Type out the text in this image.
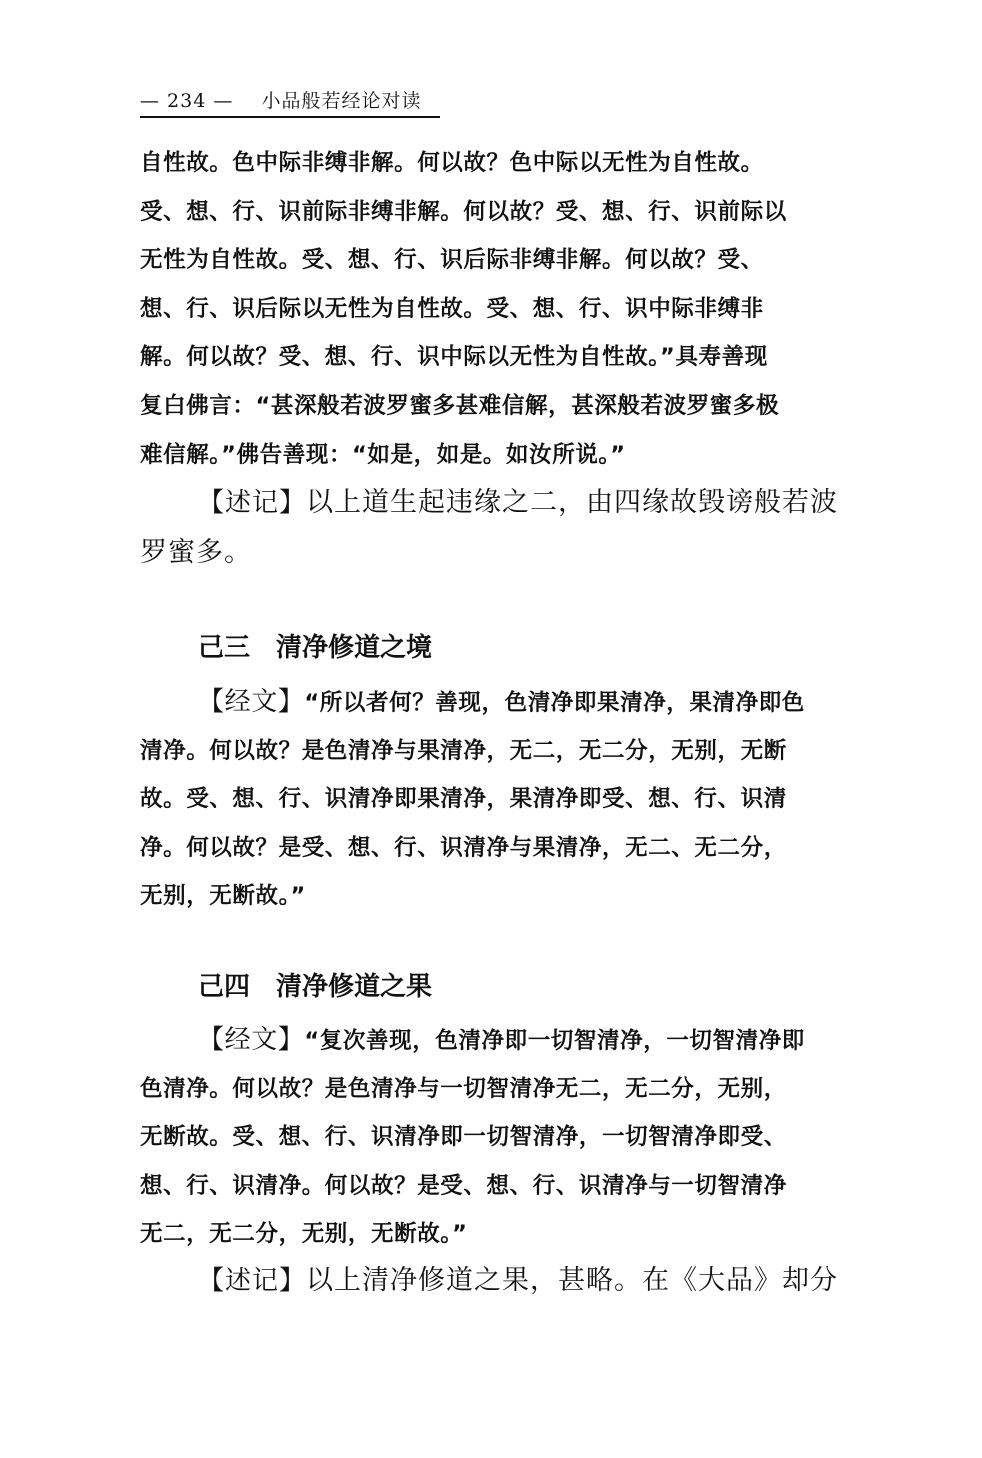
— 234 — 小品般若经论对读
自性故。色中际非缚非解。何以故？色中际以无性为自性故。
受、想、行、识前际非缚非解。何以故？受、想、行、识前际以
无性为自性故。受、想、行、识后际非缚非解。何以故？受、
想、行、识后际以无性为自性故。受、想、行、识中际非缚非
解。何以故？受、想、行、识中际以无性为自性故。”具寿善现
复白佛言：“甚深般若波罗蜜多甚难信解，甚深般若波罗蜜多极
难信解。”佛告善现：“如是，如是。如汝所说。”
【述记】以上道生起违缘之二，由四缘故毁谤般若波
罗蜜多。
己三 清净修道之境
【经文】“所以者何？善现，色清净即果清净，果清净即色
清净。何以故？是色清净与果清净，无二，无二分，无别，无断
故。受、想、行、识清净即果清净，果清净即受、想、行、识清
净。何以故？是受、想、行、识清净与果清净，无二、无二分，
无别，无断故。”
己四 清净修道之果
【经文】“复次善现，色清净即一切智清净，一切智清净即
色清净。何以故？是色清净与一切智清净无二，无二分，无别，
无断故。受、想、行、识清净即一切智清净，一切智清净即受、
想、行、识清净。何以故？是受、想、行、识清净与一切智清净
无二，无二分，无别，无断故。”
【述记】以上清净修道之果，甚略。在《大品》却分
